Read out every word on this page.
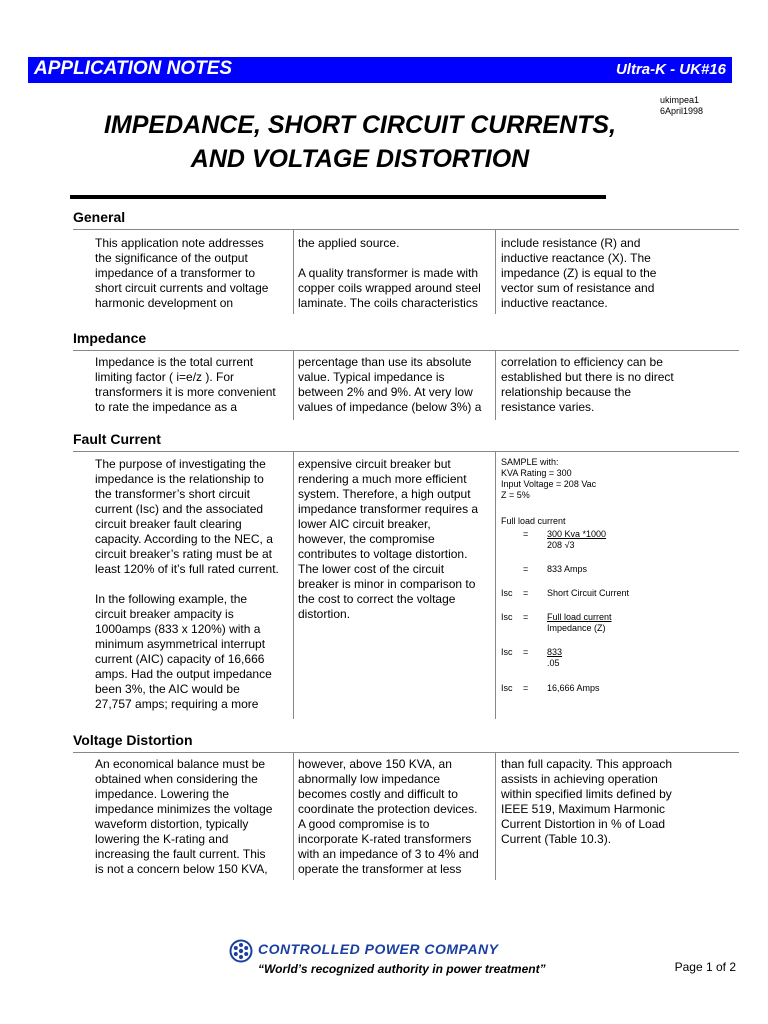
APPLICATION NOTES	Ultra-K - UK#16
ukimpea1
6April1998
IMPEDANCE, SHORT CIRCUIT CURRENTS,
AND VOLTAGE DISTORTION
General
This application note addresses
the significance of the output
impedance of a transformer to
short circuit currents and voltage
harmonic development on
the applied source.

A quality transformer is made with
copper coils wrapped around steel
laminate. The coils characteristics
include resistance (R) and
inductive reactance (X). The
impedance (Z) is equal to the
vector sum of resistance and
inductive reactance.
Impedance
Impedance is the total current
limiting factor ( i=e/z ). For
transformers it is more convenient
to rate the impedance as a
percentage than use its absolute
value. Typical impedance is
between 2% and 9%. At very low
values of impedance (below 3%) a
correlation to efficiency can be
established but there is no direct
relationship because the
resistance varies.
Fault Current
The purpose of investigating the
impedance is the relationship to
the transformer’s short circuit
current (Isc) and the associated
circuit breaker fault clearing
capacity. According to the NEC, a
circuit breaker’s rating must be at
least 120% of it’s full rated current.

In the following example, the
circuit breaker ampacity is
1000amps (833 x 120%) with a
minimum asymmetrical interrupt
current (AIC) capacity of 16,666
amps. Had the output impedance
been 3%, the AIC would be
27,757 amps; requiring a more
expensive circuit breaker but
rendering a much more efficient
system. Therefore, a high output
impedance transformer requires a
lower AIC circuit breaker,
however, the compromise
contributes to voltage distortion.
The lower cost of the circuit
breaker is minor in comparison to
the cost to correct the voltage
distortion.
SAMPLE with:
KVA Rating = 300
Input Voltage = 208 Vac
Z = 5%
Full load current
= 300 Kva *1000
208 √3
= 833 Amps
Isc = Short Circuit Current
Isc = Full load current
Impedance (Z)
Isc = 833
.05
Isc = 16,666 Amps
Voltage Distortion
An economical balance must be
obtained when considering the
impedance. Lowering the
impedance minimizes the voltage
waveform distortion, typically
lowering the K-rating and
increasing the fault current. This
is not a concern below 150 KVA,
however, above 150 KVA, an
abnormally low impedance
becomes costly and difficult to
coordinate the protection devices.
A good compromise is to
incorporate K-rated transformers
with an impedance of 3 to 4% and
operate the transformer at less
than full capacity. This approach
assists in achieving operation
within specified limits defined by
IEEE 519, Maximum Harmonic
Current Distortion in % of Load
Current (Table 10.3).
CONTROLLED POWER COMPANY
“World’s recognized authority in power treatment”	Page 1 of 2
